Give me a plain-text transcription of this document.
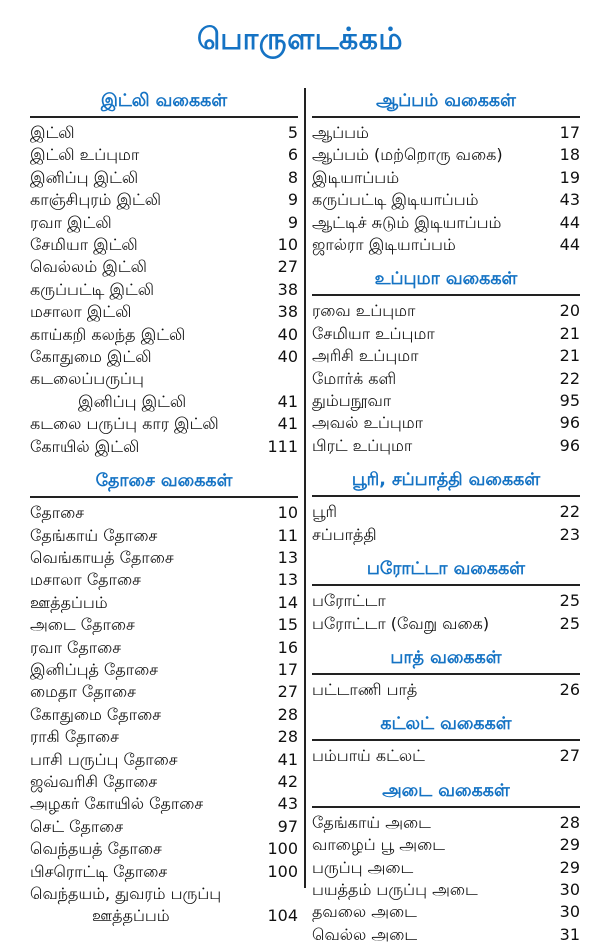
பொருளடக்கம்
இட்லி வகைகள்
இட்லி	5
இட்லி உப்புமா	6
இனிப்பு இட்லி	8
காஞ்சிபுரம் இட்லி	9
ரவா இட்லி	9
சேமியா இட்லி	10
வெல்லம் இட்லி	27
கருப்பட்டி இட்லி	38
மசாலா இட்லி	38
காய்கறி கலந்த இட்லி	40
கோதுமை இட்லி	40
கடலைப்பருப்பு
இனிப்பு இட்லி	41
கடலை பருப்பு கார இட்லி	41
கோயில் இட்லி	111
தோசை வகைகள்
தோசை	10
தேங்காய் தோசை	11
வெங்காயத் தோசை	13
மசாலா தோசை	13
ஊத்தப்பம்	14
அடை தோசை	15
ரவா தோசை	16
இனிப்புத் தோசை	17
மைதா தோசை	27
கோதுமை தோசை	28
ராகி தோசை	28
பாசி பருப்பு தோசை	41
ஜவ்வரிசி தோசை	42
அழகர் கோயில் தோசை	43
செட் தோசை	97
வெந்தயத் தோசை	100
பிசரொட்டி தோசை	100
வெந்தயம், துவரம் பருப்பு
ஊத்தப்பம்	104
ஆப்பம் வகைகள்
ஆப்பம்	17
ஆப்பம் (மற்றொரு வகை)	18
இடியாப்பம்	19
கருப்பட்டி இடியாப்பம்	43
ஆட்டிச் சுடும் இடியாப்பம்	44
ஜால்ரா இடியாப்பம்	44
உப்புமா வகைகள்
ரவை உப்புமா	20
சேமியா உப்புமா	21
அரிசி உப்புமா	21
மோர்க் களி	22
தும்பநூவா	95
அவல் உப்புமா	96
பிரட் உப்புமா	96
பூரி, சப்பாத்தி வகைகள்
பூரி	22
சப்பாத்தி	23
பரோட்டா வகைகள்
பரோட்டா	25
பரோட்டா (வேறு வகை)	25
பாத் வகைகள்
பட்டாணி பாத்	26
கட்லட் வகைகள்
பம்பாய் கட்லட்	27
அடை வகைகள்
தேங்காய் அடை	28
வாழைப் பூ அடை	29
பருப்பு அடை	29
பயத்தம் பருப்பு அடை	30
தவலை அடை	30
வெல்ல அடை	31
